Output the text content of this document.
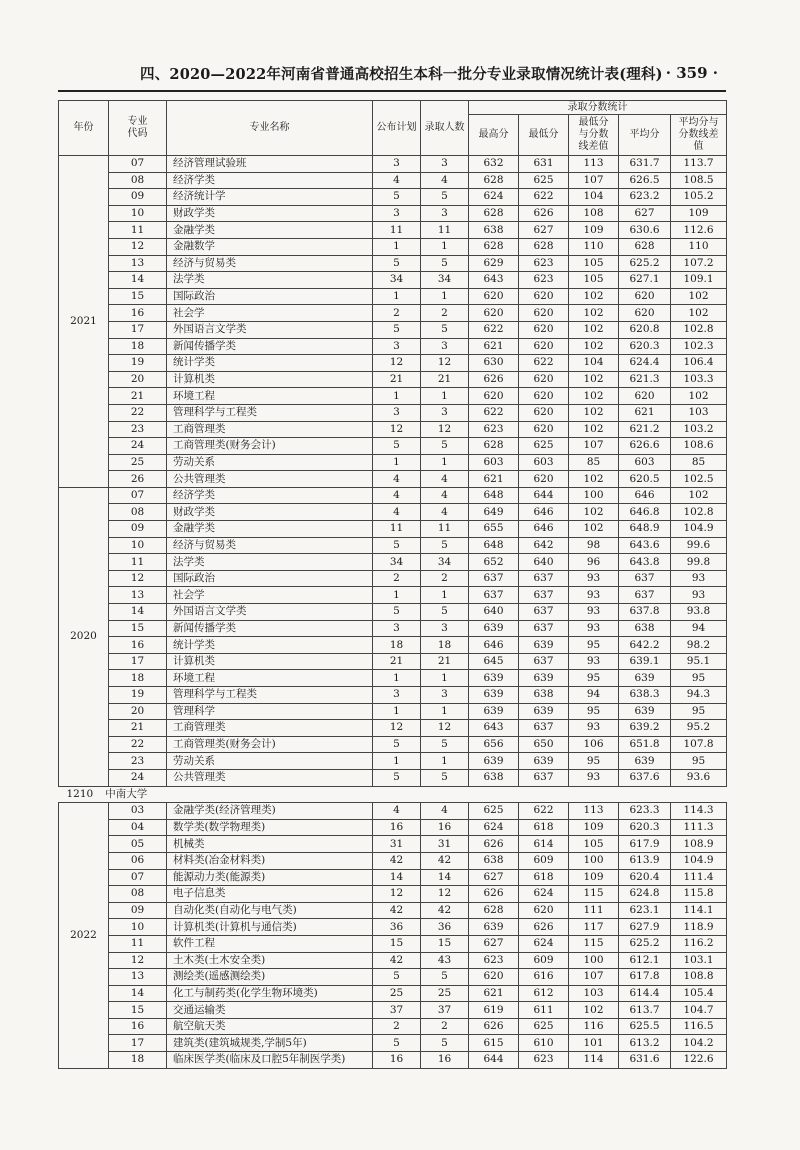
四、2020—2022年河南省普通高校招生本科一批分专业录取情况统计表(理科) · 359 ·
年份	专业代码	专业名称	公布计划	录取人数	录取分数统计				
					最高分	最低分	最低分与分数线差值	平均分	平均分与分数线差值
2021	07	经济管理试验班	3	3	632	631	113	631.7	113.7
	08	经济学类	4	4	628	625	107	626.5	108.5
	09	经济统计学	5	5	624	622	104	623.2	105.2
	10	财政学类	3	3	628	626	108	627	109
	11	金融学类	11	11	638	627	109	630.6	112.6
	12	金融数学	1	1	628	628	110	628	110
	13	经济与贸易类	5	5	629	623	105	625.2	107.2
	14	法学类	34	34	643	623	105	627.1	109.1
	15	国际政治	1	1	620	620	102	620	102
	16	社会学	2	2	620	620	102	620	102
	17	外国语言文学类	5	5	622	620	102	620.8	102.8
	18	新闻传播学类	3	3	621	620	102	620.3	102.3
	19	统计学类	12	12	630	622	104	624.4	106.4
	20	计算机类	21	21	626	620	102	621.3	103.3
	21	环境工程	1	1	620	620	102	620	102
	22	管理科学与工程类	3	3	622	620	102	621	103
	23	工商管理类	12	12	623	620	102	621.2	103.2
	24	工商管理类(财务会计)	5	5	628	625	107	626.6	108.6
	25	劳动关系	1	1	603	603	85	603	85
	26	公共管理类	4	4	621	620	102	620.5	102.5
2020	07	经济学类	4	4	648	644	100	646	102
	08	财政学类	4	4	649	646	102	646.8	102.8
	09	金融学类	11	11	655	646	102	648.9	104.9
	10	经济与贸易类	5	5	648	642	98	643.6	99.6
	11	法学类	34	34	652	640	96	643.8	99.8
	12	国际政治	2	2	637	637	93	637	93
	13	社会学	1	1	637	637	93	637	93
	14	外国语言文学类	5	5	640	637	93	637.8	93.8
	15	新闻传播学类	3	3	639	637	93	638	94
	16	统计学类	18	18	646	639	95	642.2	98.2
	17	计算机类	21	21	645	637	93	639.1	95.1
	18	环境工程	1	1	639	639	95	639	95
	19	管理科学与工程类	3	3	639	638	94	638.3	94.3
	20	管理科学	1	1	639	639	95	639	95
	21	工商管理类	12	12	643	637	93	639.2	95.2
	22	工商管理类(财务会计)	5	5	656	650	106	651.8	107.8
	23	劳动关系	1	1	639	639	95	639	95
	24	公共管理类	5	5	638	637	93	637.6	93.6
1210 中南大学									
2022	03	金融学类(经济管理类)	4	4	625	622	113	623.3	114.3
	04	数学类(数学物理类)	16	16	624	618	109	620.3	111.3
	05	机械类	31	31	626	614	105	617.9	108.9
	06	材料类(冶金材料类)	42	42	638	609	100	613.9	104.9
	07	能源动力类(能源类)	14	14	627	618	109	620.4	111.4
	08	电子信息类	12	12	626	624	115	624.8	115.8
	09	自动化类(自动化与电气类)	42	42	628	620	111	623.1	114.1
	10	计算机类(计算机与通信类)	36	36	639	626	117	627.9	118.9
	11	软件工程	15	15	627	624	115	625.2	116.2
	12	土木类(土木安全类)	42	43	623	609	100	612.1	103.1
	13	测绘类(遥感测绘类)	5	5	620	616	107	617.8	108.8
	14	化工与制药类(化学生物环境类)	25	25	621	612	103	614.4	105.4
	15	交通运输类	37	37	619	611	102	613.7	104.7
	16	航空航天类	2	2	626	625	116	625.5	116.5
	17	建筑类(建筑城规类,学制5年)	5	5	615	610	101	613.2	104.2
	18	临床医学类(临床及口腔5年制医学类)	16	16	644	623	114	631.6	122.6
